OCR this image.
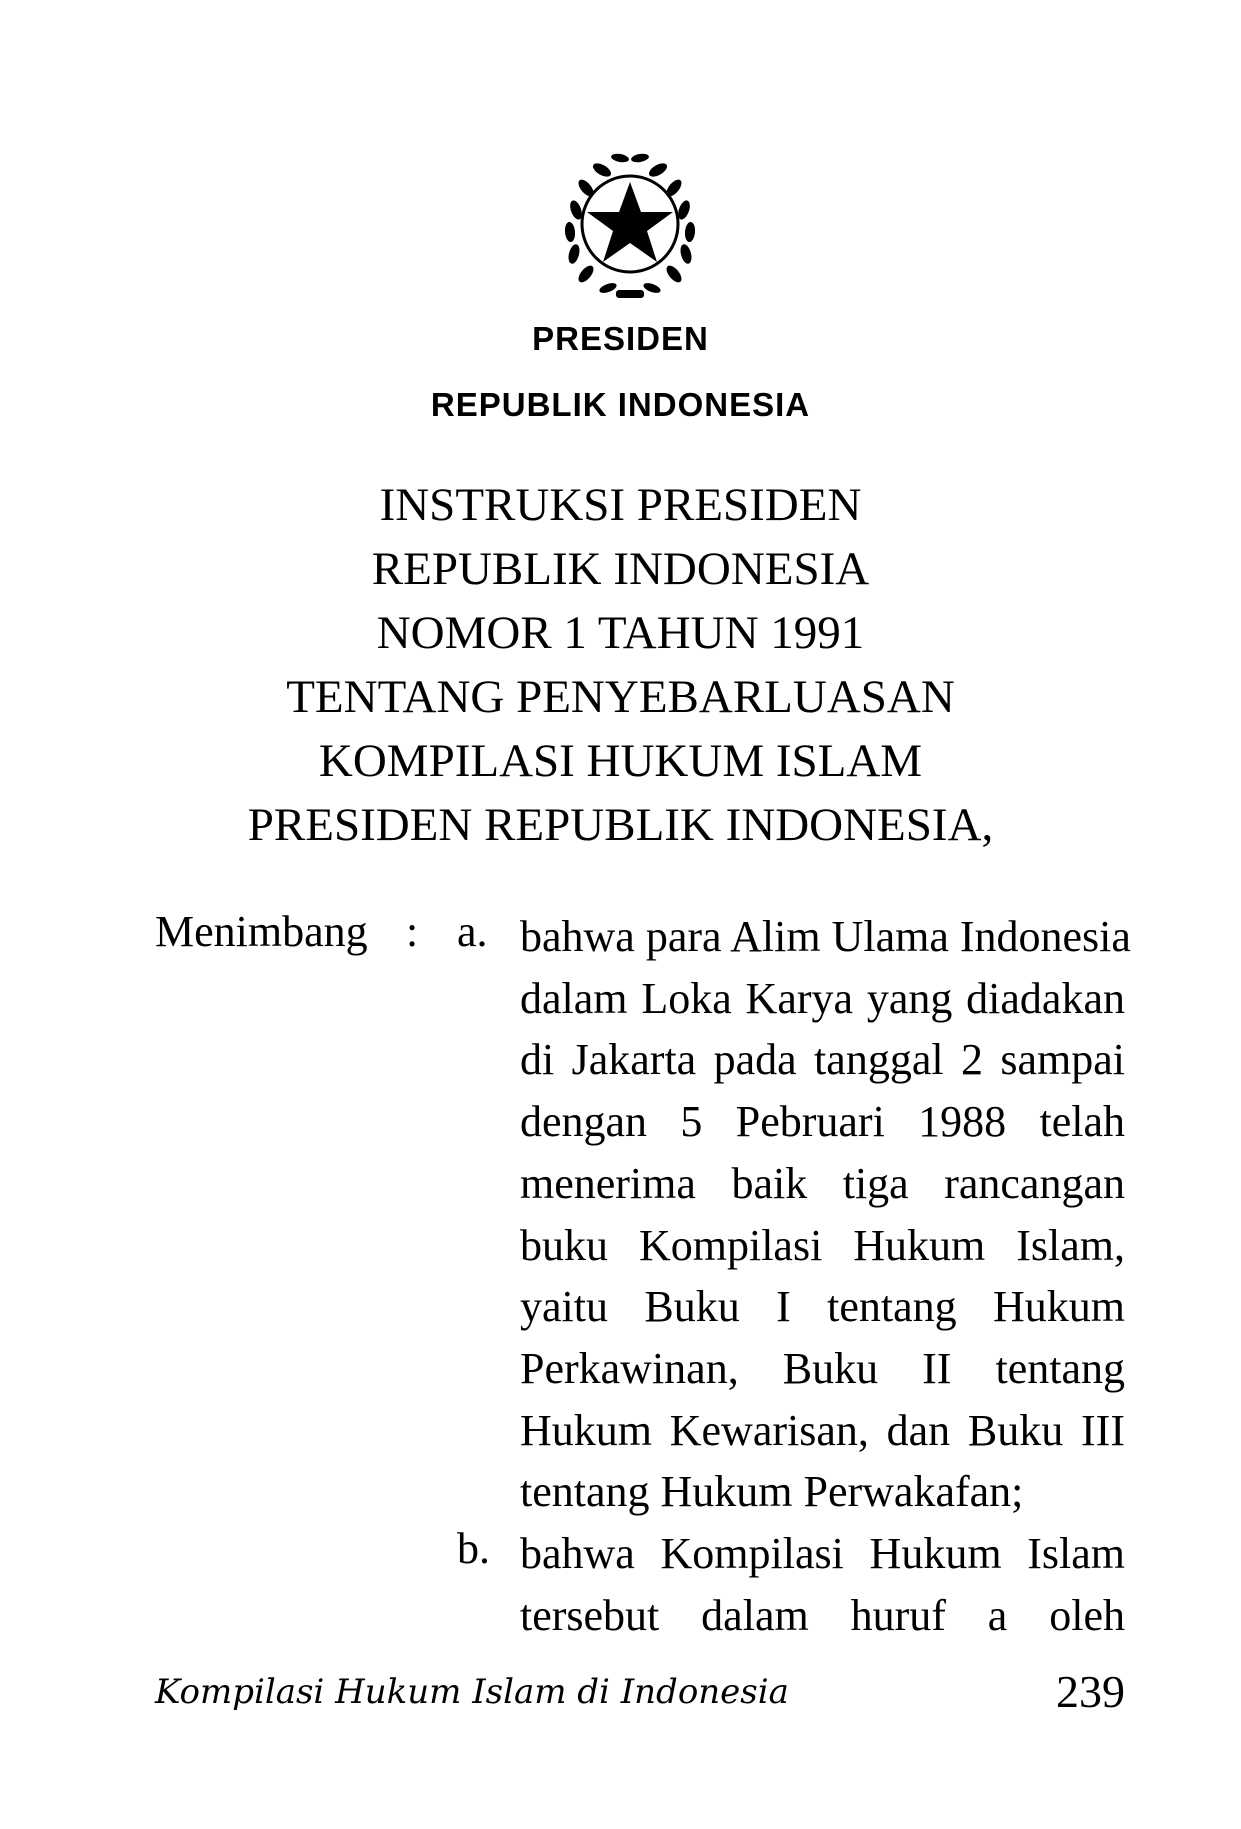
PRESIDEN
REPUBLIK INDONESIA
INSTRUKSI PRESIDEN
REPUBLIK INDONESIA
NOMOR 1 TAHUN 1991
TENTANG PENYEBARLUASAN
KOMPILASI HUKUM ISLAM
PRESIDEN REPUBLIK INDONESIA,
Menimbang : a. bahwa para Alim Ulama Indonesia
dalam Loka Karya yang diadakan
di Jakarta pada tanggal 2 sampai
dengan 5 Pebruari 1988 telah
menerima baik tiga rancangan
buku Kompilasi Hukum Islam,
yaitu Buku I tentang Hukum
Perkawinan, Buku II tentang
Hukum Kewarisan, dan Buku III
tentang Hukum Perwakafan;
b. bahwa Kompilasi Hukum Islam
tersebut dalam huruf a oleh
Kompilasi Hukum Islam di Indonesia	239
